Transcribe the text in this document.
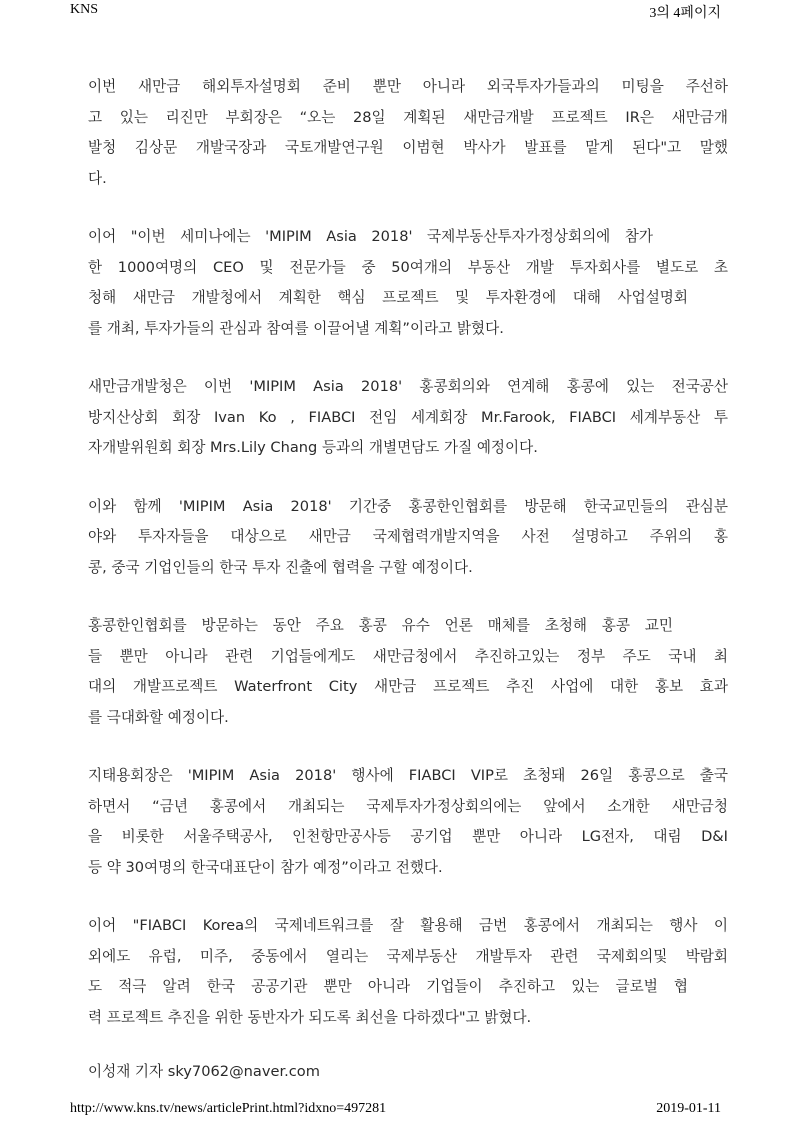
KNS	3의 4페이지
이번 새만금 해외투자설명회 준비 뿐만 아니라 외국투자가들과의 미팅을 주선하
고 있는 리진만 부회장은 “오는 28일 계획된 새만금개발 프로젝트 IR은 새만금개
발청 김상문 개발국장과 국토개발연구원 이범현 박사가 발표를 맡게 된다"고 말했
다.
이어 "이번 세미나에는 'MIPIM Asia 2018' 국제부동산투자가정상회의에 참가
한 1000여명의 CEO 및 전문가들 중 50여개의 부동산 개발 투자회사를 별도로 초
청해 새만금 개발청에서 계획한 핵심 프로젝트 및 투자환경에 대해 사업설명회
를 개최, 투자가들의 관심과 참여를 이끌어낼 계획”이라고 밝혔다.
새만금개발청은 이번 'MIPIM Asia 2018' 홍콩회의와 연계해 홍콩에 있는 전국공산
방지산상회 회장 Ivan Ko , FIABCI 전임 세계회장 Mr.Farook, FIABCI 세계부동산 투
자개발위원회 회장 Mrs.Lily Chang 등과의 개별면담도 가질 예정이다.
이와 함께 'MIPIM Asia 2018' 기간중 홍콩한인협회를 방문해 한국교민들의 관심분
야와 투자자들을 대상으로 새만금 국제협력개발지역을 사전 설명하고 주위의 홍
콩, 중국 기업인들의 한국 투자 진출에 협력을 구할 예정이다.
홍콩한인협회를 방문하는 동안 주요 홍콩 유수 언론 매체를 초청해 홍콩 교민
들 뿐만 아니라 관련 기업들에게도 새만금청에서 추진하고있는 정부 주도 국내 최
대의 개발프로젝트 Waterfront City 새만금 프로젝트 추진 사업에 대한 홍보 효과
를 극대화할 예정이다.
지태용회장은 'MIPIM Asia 2018' 행사에 FIABCI VIP로 초청돼 26일 홍콩으로 출국
하면서 “금년 홍콩에서 개최되는 국제투자가정상회의에는 앞에서 소개한 새만금청
을 비롯한 서울주택공사, 인천항만공사등 공기업 뿐만 아니라 LG전자, 대림 D&I
등 약 30여명의 한국대표단이 참가 예정”이라고 전했다.
이어 "FIABCI Korea의 국제네트워크를 잘 활용해 금번 홍콩에서 개최되는 행사 이
외에도 유럽, 미주, 중동에서 열리는 국제부동산 개발투자 관련 국제회의및 박람회
도 적극 알려 한국 공공기관 뿐만 아니라 기업들이 추진하고 있는 글로벌 협
력 프로젝트 추진을 위한 동반자가 되도록 최선을 다하겠다"고 밝혔다.
이성재 기자 sky7062@naver.com
http://www.kns.tv/news/articlePrint.html?idxno=497281	2019-01-11
